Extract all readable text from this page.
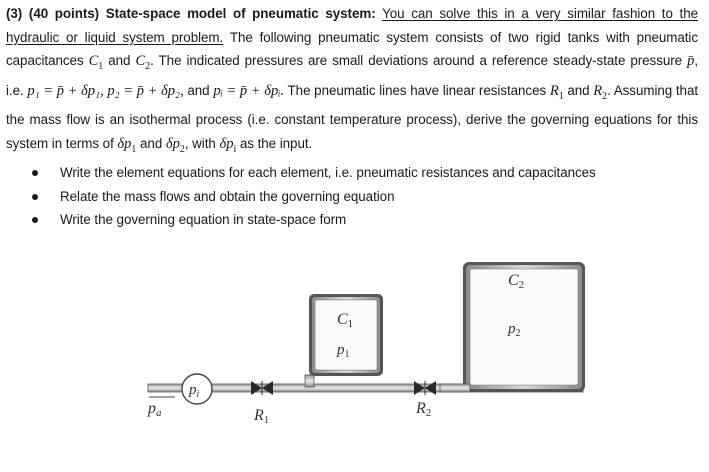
(3) (40 points) State-space model of pneumatic system: You can solve this in a very similar fashion to the hydraulic or liquid system problem. The following pneumatic system consists of two rigid tanks with pneumatic capacitances $C_1$ and $C_2$. The indicated pressures are small deviations around a reference steady-state pressure p̄, i.e. p₁ = p̄ + δp₁, p₂ = p̄ + δp₂, and pᵢ = p̄ + δpᵢ. The pneumatic lines have linear resistances $R_1$ and $R_2$. Assuming that the mass flow is an isothermal process (i.e. constant temperature process), derive the governing equations for this system in terms of $\delta p_1$ and $\delta p_2$, with $\delta p_i$ as the input.
Write the element equations for each element, i.e. pneumatic resistances and capacitances
Relate the mass flows and obtain the governing equation
Write the governing equation in state-space form
pa
$p_i$
R1
R2
C1
$p_1$
C2
$p_2$
